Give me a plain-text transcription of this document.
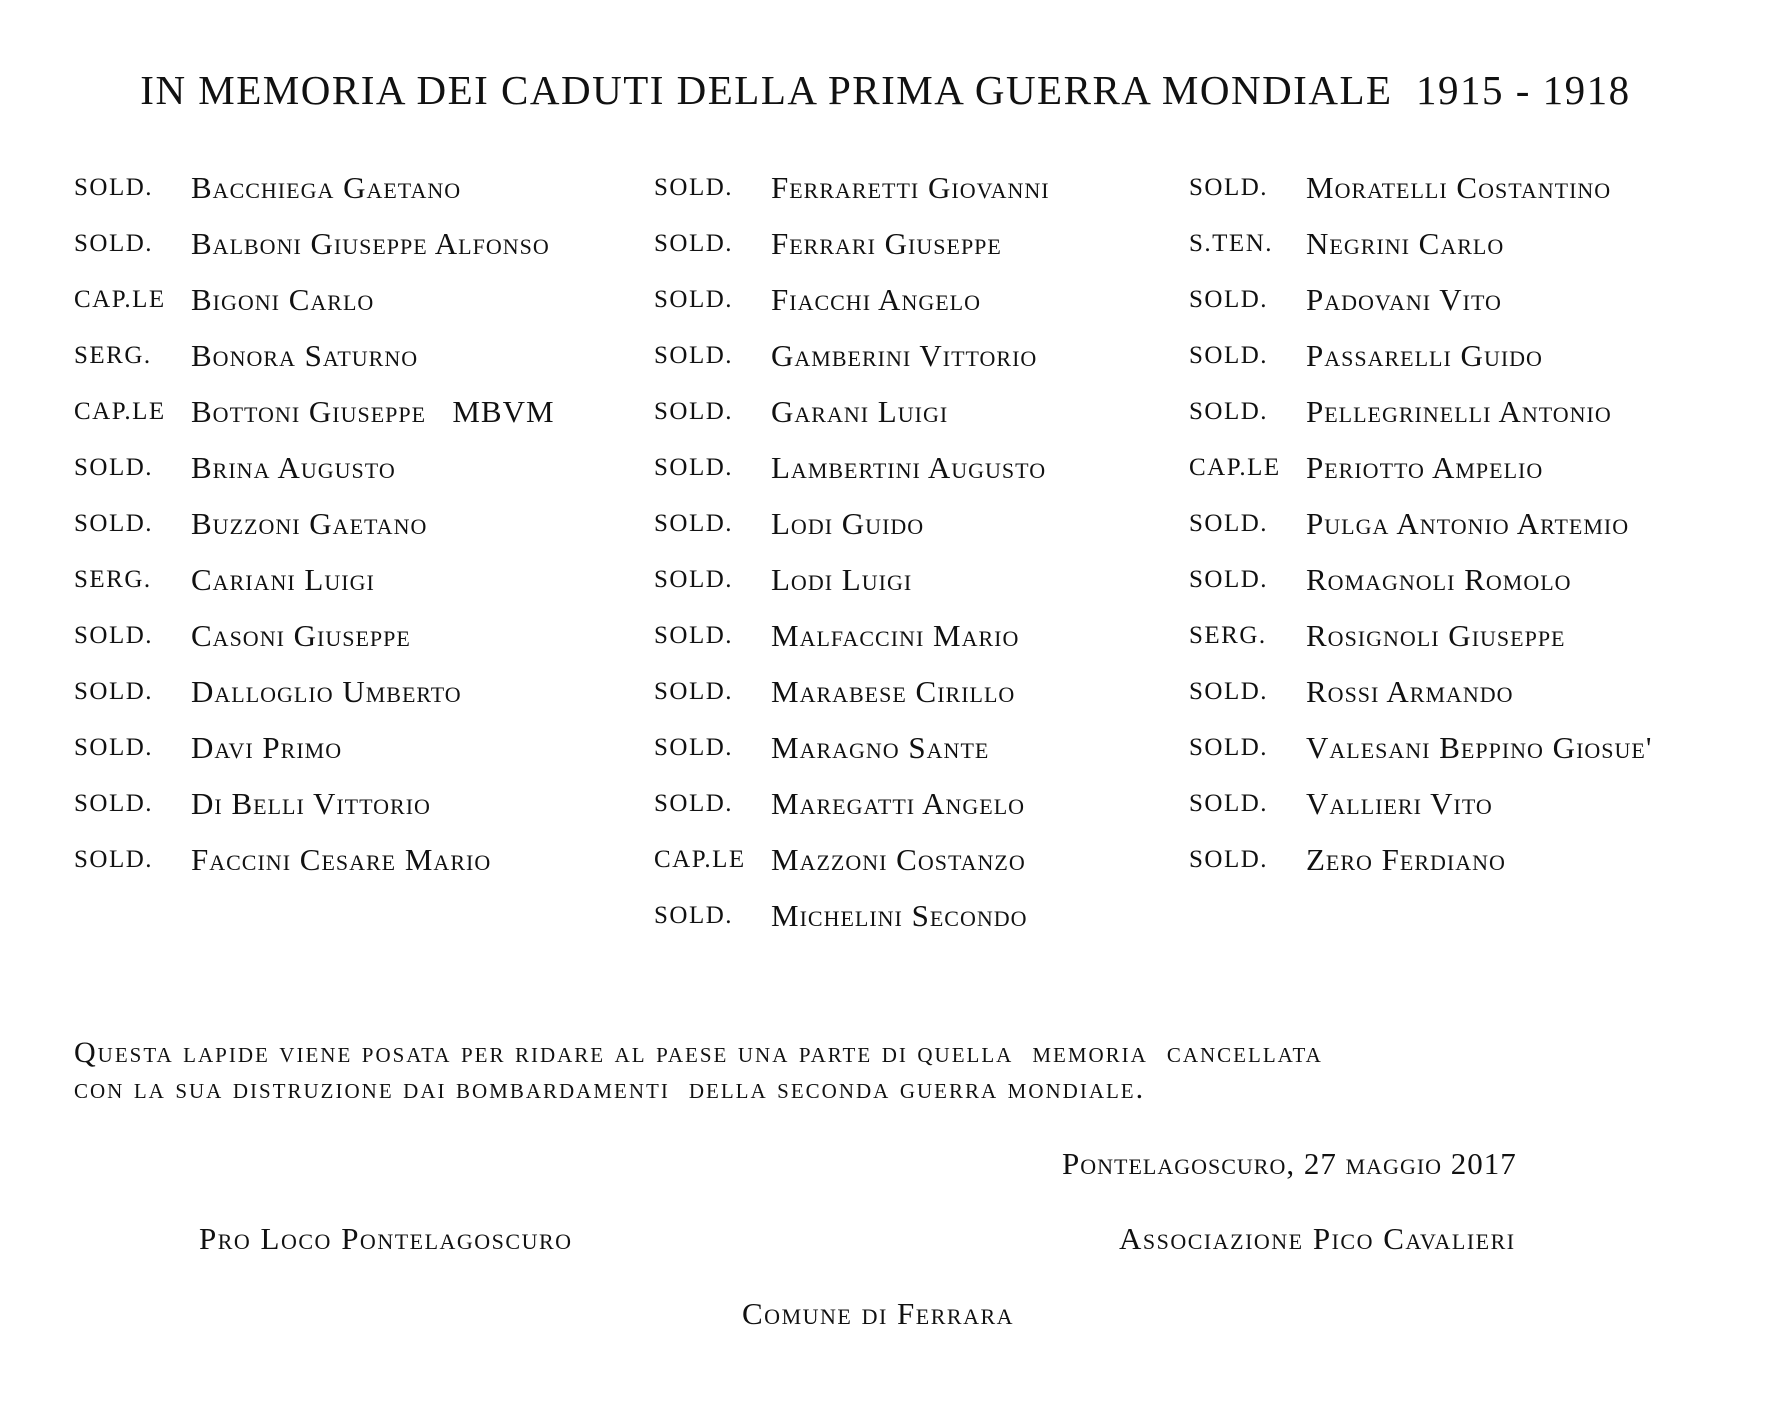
IN MEMORIA DEI CADUTI DELLA PRIMA GUERRA MONDIALE  1915 - 1918
SOLD.	Bacchiega Gaetano
SOLD.	Balboni Giuseppe Alfonso
CAP.LE Bigoni Carlo
SERG.	Bonora Saturno
CAP.LE Bottoni Giuseppe   MBVM
SOLD.	Brina Augusto
SOLD.	Buzzoni Gaetano
SERG.	Cariani Luigi
SOLD.	Casoni Giuseppe
SOLD.	Dalloglio Umberto
SOLD.	Davi Primo
SOLD.	Di Belli Vittorio
SOLD.	Faccini Cesare Mario
SOLD.	Ferraretti Giovanni
SOLD.	Ferrari Giuseppe
SOLD.	Fiacchi Angelo
SOLD.	Gamberini Vittorio
SOLD.	Garani Luigi
SOLD.	Lambertini Augusto
SOLD.	Lodi Guido
SOLD.	Lodi Luigi
SOLD.	Malfaccini Mario
SOLD.	Marabese Cirillo
SOLD.	Maragno Sante
SOLD.	Maregatti Angelo
CAP.LE Mazzoni Costanzo
SOLD.	Michelini Secondo
SOLD.	Moratelli Costantino
S.TEN.	Negrini Carlo
SOLD.	Padovani Vito
SOLD.	Passarelli Guido
SOLD.	Pellegrinelli Antonio
CAP.LE Periotto Ampelio
SOLD.	Pulga Antonio Artemio
SOLD.	Romagnoli Romolo
SERG.	Rosignoli Giuseppe
SOLD.	Rossi Armando
SOLD.	Valesani Beppino Giosue'
SOLD.	Vallieri Vito
SOLD.	Zero Ferdiano
Questa lapide viene posata per ridare al paese una parte di quella  memoria  cancellata
con la sua distruzione dai bombardamenti  della seconda guerra mondiale.
Pontelagoscuro, 27 maggio 2017
Pro Loco Pontelagoscuro	Associazione Pico Cavalieri
Comune di Ferrara
